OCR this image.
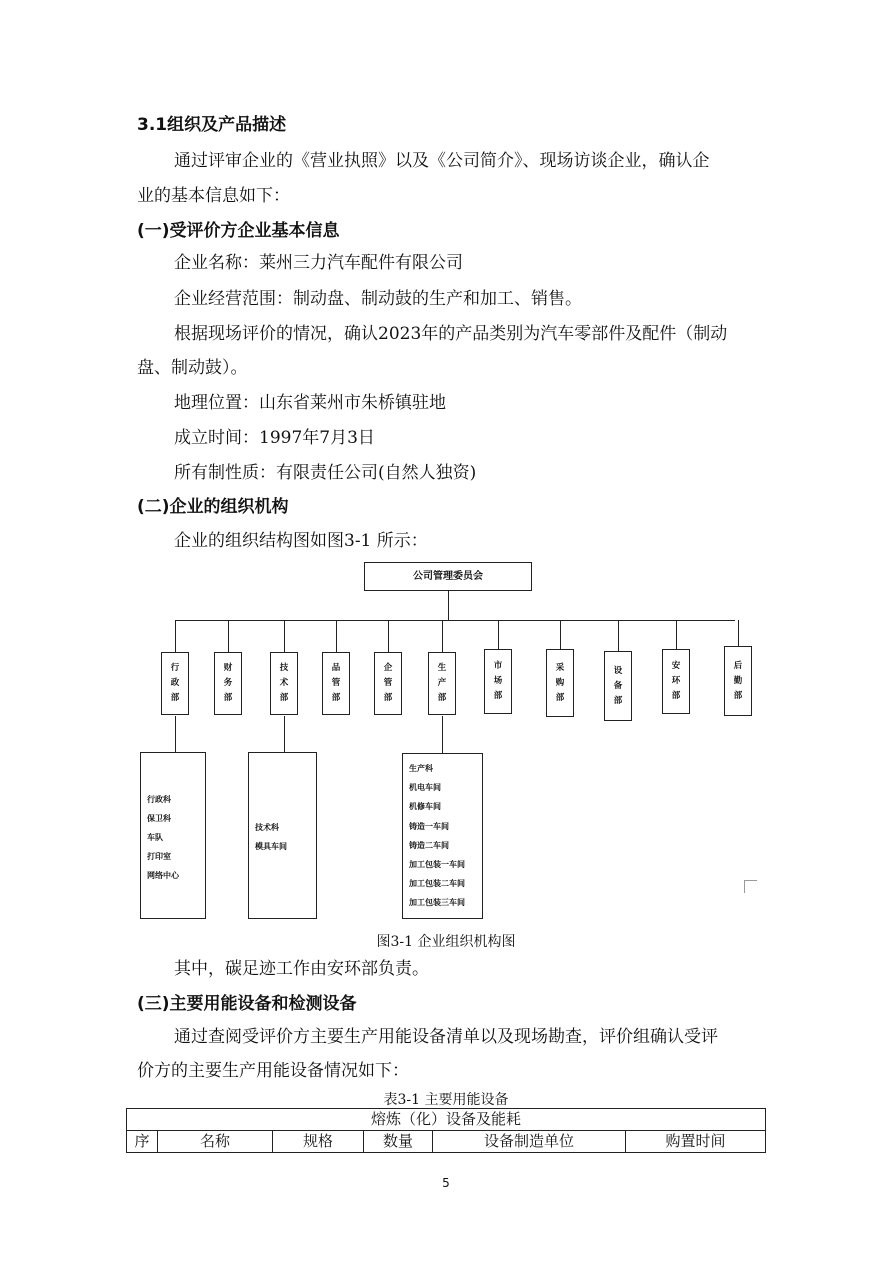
3.1组织及产品描述
通过评审企业的《营业执照》以及《公司简介》、现场访谈企业，确认企
业的基本信息如下：
(一)受评价方企业基本信息
企业名称：莱州三力汽车配件有限公司
企业经营范围：制动盘、制动鼓的生产和加工、销售。
根据现场评价的情况，确认2023年的产品类别为汽车零部件及配件（制动
盘、制动鼓）。
地理位置：山东省莱州市朱桥镇驻地
成立时间：1997年7月3日
所有制性质：有限责任公司(自然人独资)
(二)企业的组织机构
企业的组织结构图如图3-1 所示：
公司管理委员会
行
政
部
财
务
部
技
术
部
品
管
部
企
管
部
生
产
部
市
场
部
采
购
部
设
备
部
安
环
部
后
勤
部
行政科
保卫科
车队
打印室
网络中心
技术科
模具车间
生产科
机电车间
机修车间
铸造一车间
铸造二车间
加工包装一车间
加工包装二车间
加工包装三车间
图3-1 企业组织机构图
其中，碳足迹工作由安环部负责。
(三)主要用能设备和检测设备
通过查阅受评价方主要生产用能设备清单以及现场勘查，评价组确认受评
价方的主要生产用能设备情况如下：
表3-1 主要用能设备
熔炼（化）设备及能耗
序	名称	规格	数量	设备制造单位	购置时间
5
